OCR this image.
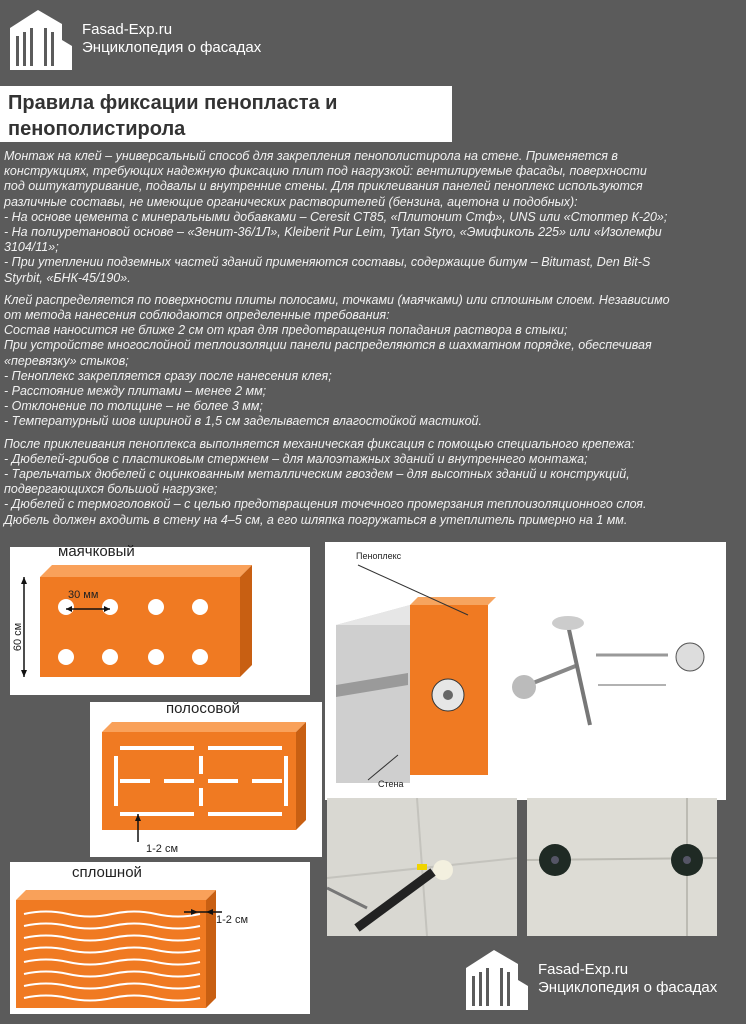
Fasad-Exp.ru
Энциклопедия о фасадах
Правила фиксации пенопласта и пенополистирола

Монтаж на клей – универсальный способ для закрепления пенополистирола на стене. Применяется в
конструкциях, требующих надежную фиксацию плит под нагрузкой: вентилируемые фасады, поверхности
под оштукатуривание, подвалы и внутренние стены. Для приклеивания панелей пеноплекс используются
различные составы, не имеющие органических растворителей (бензина, ацетона и подобных):
- На основе цемента с минеральными добавками – Ceresit CT85, «Плитонит Стф», UNS или «Стоптер К-20»;
- На полиуретановой основе – «Зенит-36/1Л», Kleiberit Pur Leim, Tytan Styro, «Эмификоль 225» или «Изолемфи
3104/11»;
- При утеплении подземных частей зданий применяются составы, содержащие битум – Bitumast, Den Bit-S
Styrbit, «БНК-45/190».

Клей распределяется по поверхности плиты полосами, точками (маячками) или сплошным слоем. Независимо
от метода нанесения соблюдаются определенные требования:
Состав наносится не ближе 2 см от края для предотвращения попадания раствора в стыки;
При устройстве многослойной теплоизоляции панели распределяются в шахматном порядке, обеспечивая
«перевязку» стыков;
- Пеноплекс закрепляется сразу после нанесения клея;
- Расстояние между плитами – менее 2 мм;
- Отклонение по толщине – не более 3 мм;
- Температурный шов шириной в 1,5 см заделывается влагостойкой мастикой.

После приклеивания пеноплекса выполняется механическая фиксация с помощью специального крепежа:
- Дюбелей-грибов с пластиковым стержнем – для малоэтажных зданий и внутреннего монтажа;
- Тарельчатых дюбелей с оцинкованным металлическим гвоздем – для высотных зданий и конструкций,
подвергающихся большой нагрузке;
- Дюбелей с термоголовкой – с целью предотвращения точечного промерзания теплоизоляционного слоя.
Дюбель должен входить в стену на 4–5 см, а его шляпка погружаться в утеплитель примерно на 1 мм.

маячковый
30 мм
60 см
полосовой
1-2 см
сплошной
1-2 см
Пеноплекс
Стена
Fasad-Exp.ru
Энциклопедия о фасадах
